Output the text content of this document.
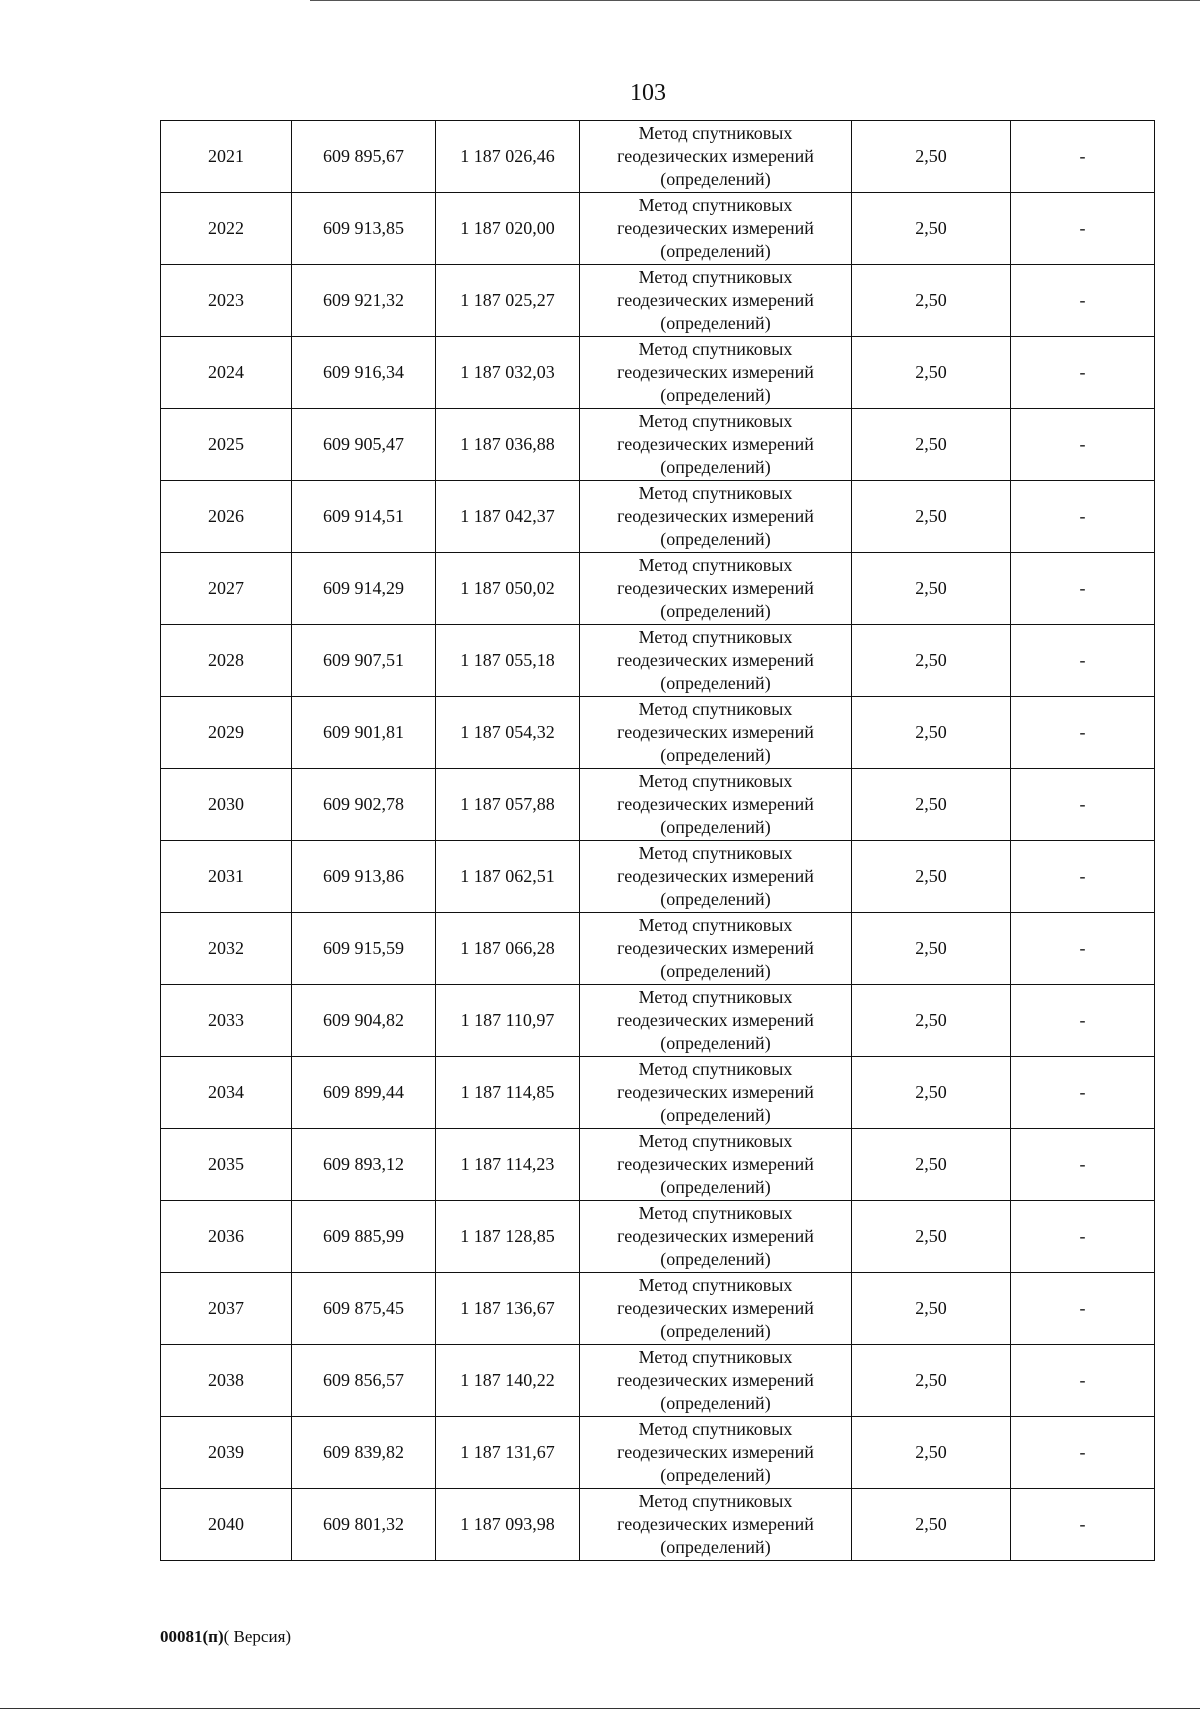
103
2021	609 895,67	1 187 026,46	Метод спутниковых
геодезических измерений
(определений)	2,50	-
2022	609 913,85	1 187 020,00	Метод спутниковых
геодезических измерений
(определений)	2,50	-
2023	609 921,32	1 187 025,27	Метод спутниковых
геодезических измерений
(определений)	2,50	-
2024	609 916,34	1 187 032,03	Метод спутниковых
геодезических измерений
(определений)	2,50	-
2025	609 905,47	1 187 036,88	Метод спутниковых
геодезических измерений
(определений)	2,50	-
2026	609 914,51	1 187 042,37	Метод спутниковых
геодезических измерений
(определений)	2,50	-
2027	609 914,29	1 187 050,02	Метод спутниковых
геодезических измерений
(определений)	2,50	-
2028	609 907,51	1 187 055,18	Метод спутниковых
геодезических измерений
(определений)	2,50	-
2029	609 901,81	1 187 054,32	Метод спутниковых
геодезических измерений
(определений)	2,50	-
2030	609 902,78	1 187 057,88	Метод спутниковых
геодезических измерений
(определений)	2,50	-
2031	609 913,86	1 187 062,51	Метод спутниковых
геодезических измерений
(определений)	2,50	-
2032	609 915,59	1 187 066,28	Метод спутниковых
геодезических измерений
(определений)	2,50	-
2033	609 904,82	1 187 110,97	Метод спутниковых
геодезических измерений
(определений)	2,50	-
2034	609 899,44	1 187 114,85	Метод спутниковых
геодезических измерений
(определений)	2,50	-
2035	609 893,12	1 187 114,23	Метод спутниковых
геодезических измерений
(определений)	2,50	-
2036	609 885,99	1 187 128,85	Метод спутниковых
геодезических измерений
(определений)	2,50	-
2037	609 875,45	1 187 136,67	Метод спутниковых
геодезических измерений
(определений)	2,50	-
2038	609 856,57	1 187 140,22	Метод спутниковых
геодезических измерений
(определений)	2,50	-
2039	609 839,82	1 187 131,67	Метод спутниковых
геодезических измерений
(определений)	2,50	-
2040	609 801,32	1 187 093,98	Метод спутниковых
геодезических измерений
(определений)	2,50	-
00081(п)( Версия)
